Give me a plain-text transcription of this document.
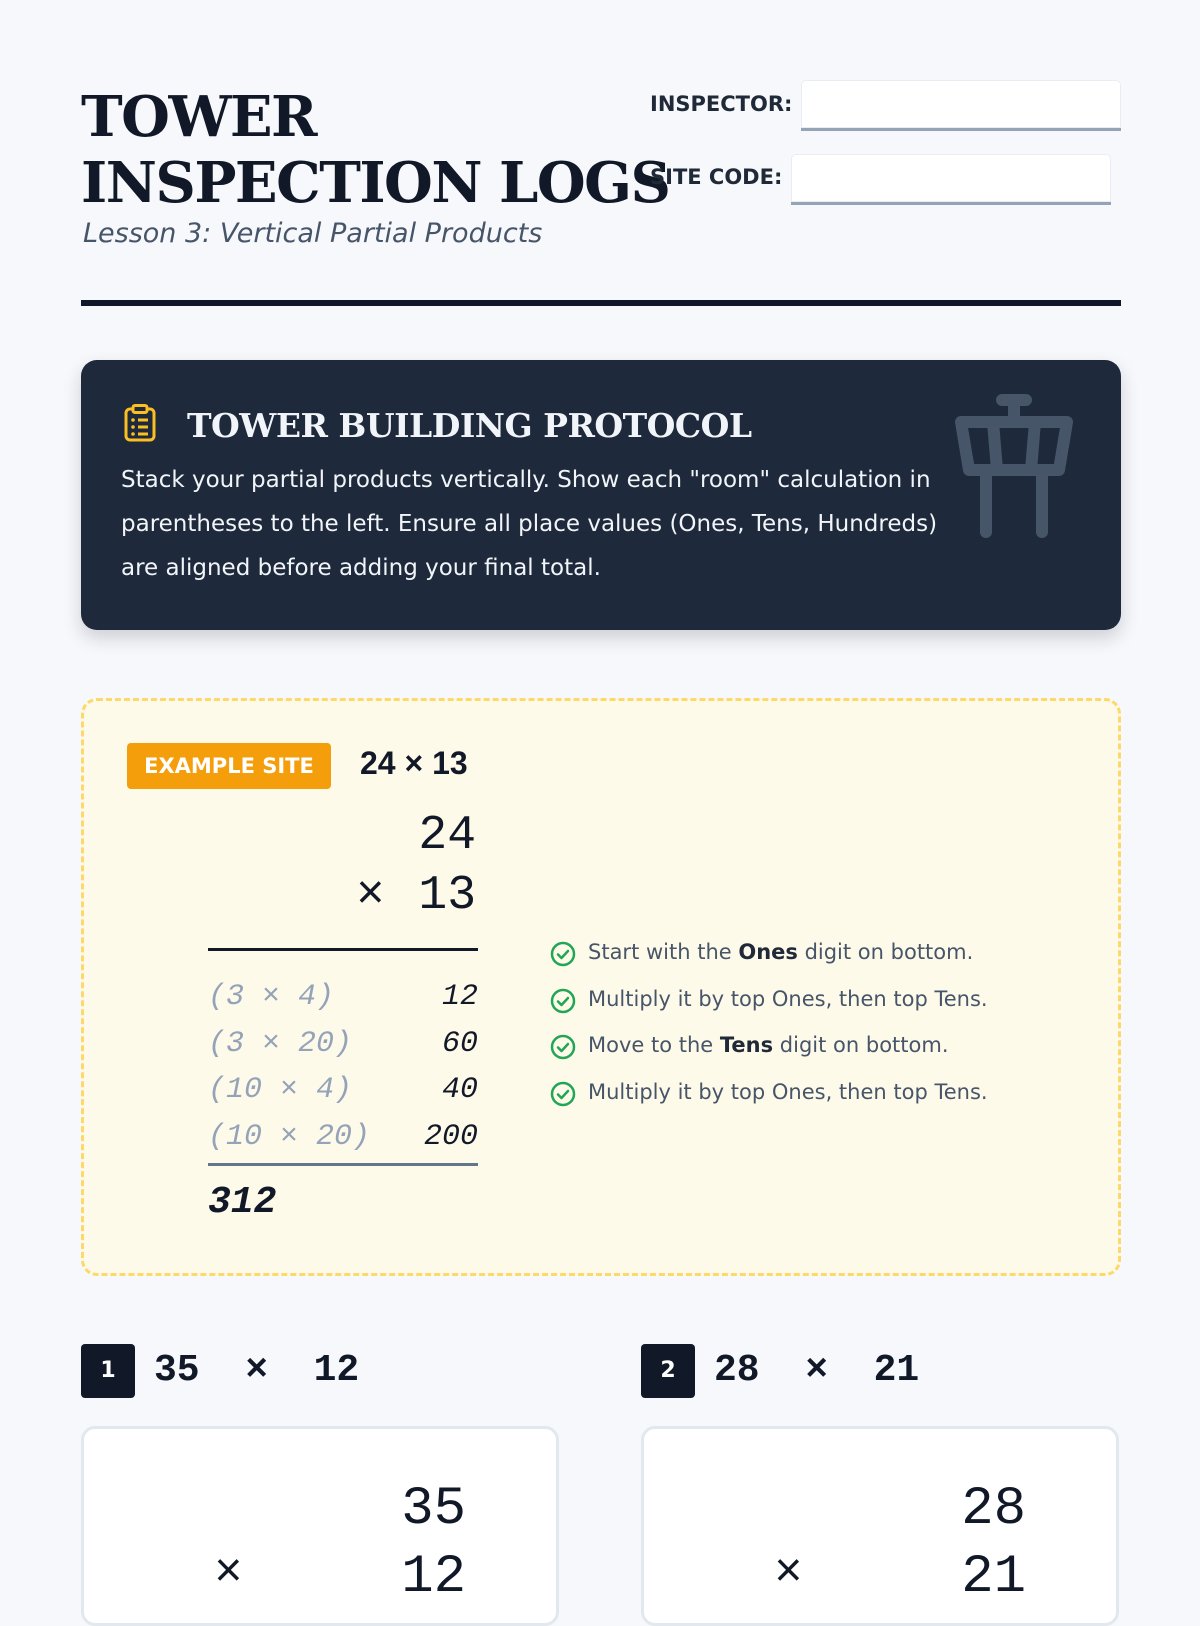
TOWER
INSPECTION LOGS
Lesson 3: Vertical Partial Products
INSPECTOR:
SITE CODE:
TOWER BUILDING PROTOCOL
Stack your partial products vertically. Show each "room" calculation in parentheses to the left. Ensure all place values (Ones, Tens, Hundreds) are aligned before adding your final total.
EXAMPLE SITE	24 × 13
24
× 13
(3 × 4)	12
(3 × 20)	60
(10 × 4)	40
(10 × 20) 200
312
Start with the Ones digit on bottom.
Multiply it by top Ones, then top Tens.
Move to the Tens digit on bottom.
Multiply it by top Ones, then top Tens.
1	35  ×  12
35
×	12
2	28  ×  21
28
×	21
